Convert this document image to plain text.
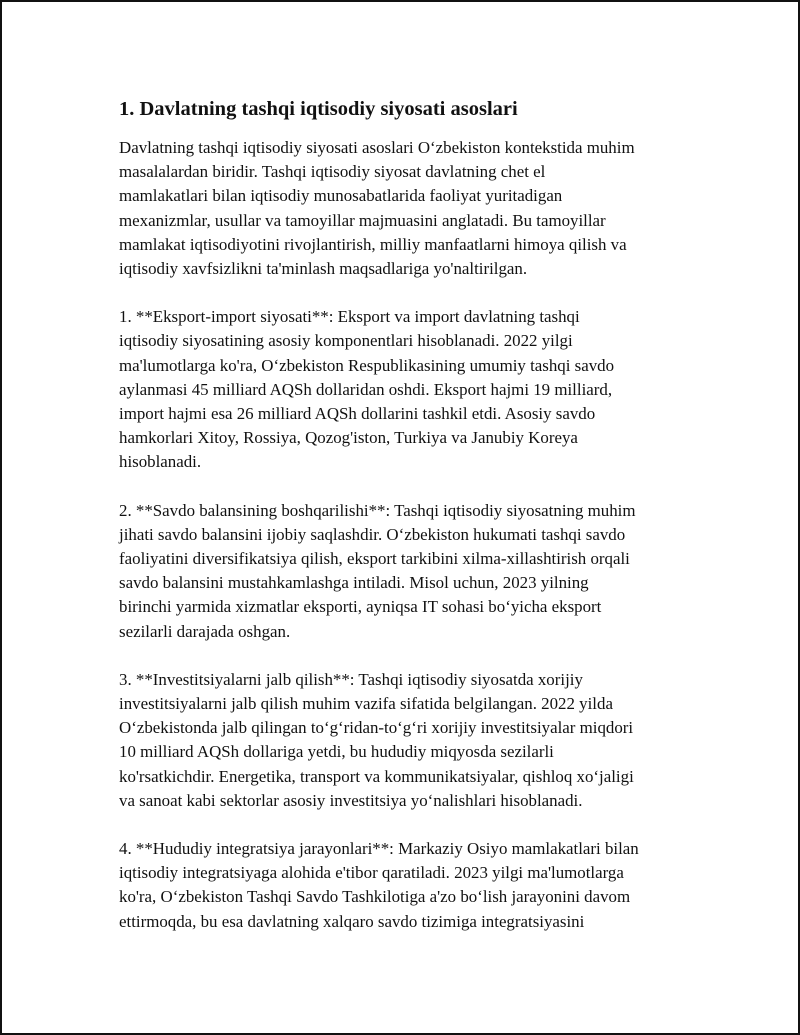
1. Davlatning tashqi iqtisodiy siyosati asoslari

Davlatning tashqi iqtisodiy siyosati asoslari O‘zbekiston kontekstida muhim
masalalardan biridir. Tashqi iqtisodiy siyosat davlatning chet el
mamlakatlari bilan iqtisodiy munosabatlarida faoliyat yuritadigan
mexanizmlar, usullar va tamoyillar majmuasini anglatadi. Bu tamoyillar
mamlakat iqtisodiyotini rivojlantirish, milliy manfaatlarni himoya qilish va
iqtisodiy xavfsizlikni ta'minlash maqsadlariga yo'naltirilgan.

1. **Eksport-import siyosati**: Eksport va import davlatning tashqi
iqtisodiy siyosatining asosiy komponentlari hisoblanadi. 2022 yilgi
ma'lumotlarga ko'ra, O‘zbekiston Respublikasining umumiy tashqi savdo
aylanmasi 45 milliard AQSh dollaridan oshdi. Eksport hajmi 19 milliard,
import hajmi esa 26 milliard AQSh dollarini tashkil etdi. Asosiy savdo
hamkorlari Xitoy, Rossiya, Qozog'iston, Turkiya va Janubiy Koreya
hisoblanadi.

2. **Savdo balansining boshqarilishi**: Tashqi iqtisodiy siyosatning muhim
jihati savdo balansini ijobiy saqlashdir. O‘zbekiston hukumati tashqi savdo
faoliyatini diversifikatsiya qilish, eksport tarkibini xilma-xillashtirish orqali
savdo balansini mustahkamlashga intiladi. Misol uchun, 2023 yilning
birinchi yarmida xizmatlar eksporti, ayniqsa IT sohasi bo‘yicha eksport
sezilarli darajada oshgan.

3. **Investitsiyalarni jalb qilish**: Tashqi iqtisodiy siyosatda xorijiy
investitsiyalarni jalb qilish muhim vazifa sifatida belgilangan. 2022 yilda
O‘zbekistonda jalb qilingan to‘g‘ridan-to‘g‘ri xorijiy investitsiyalar miqdori
10 milliard AQSh dollariga yetdi, bu hududiy miqyosda sezilarli
ko'rsatkichdir. Energetika, transport va kommunikatsiyalar, qishloq xo‘jaligi
va sanoat kabi sektorlar asosiy investitsiya yo‘nalishlari hisoblanadi.

4. **Hududiy integratsiya jarayonlari**: Markaziy Osiyo mamlakatlari bilan
iqtisodiy integratsiyaga alohida e'tibor qaratiladi. 2023 yilgi ma'lumotlarga
ko'ra, O‘zbekiston Tashqi Savdo Tashkilotiga a'zo bo‘lish jarayonini davom
ettirmoqda, bu esa davlatning xalqaro savdo tizimiga integratsiyasini
